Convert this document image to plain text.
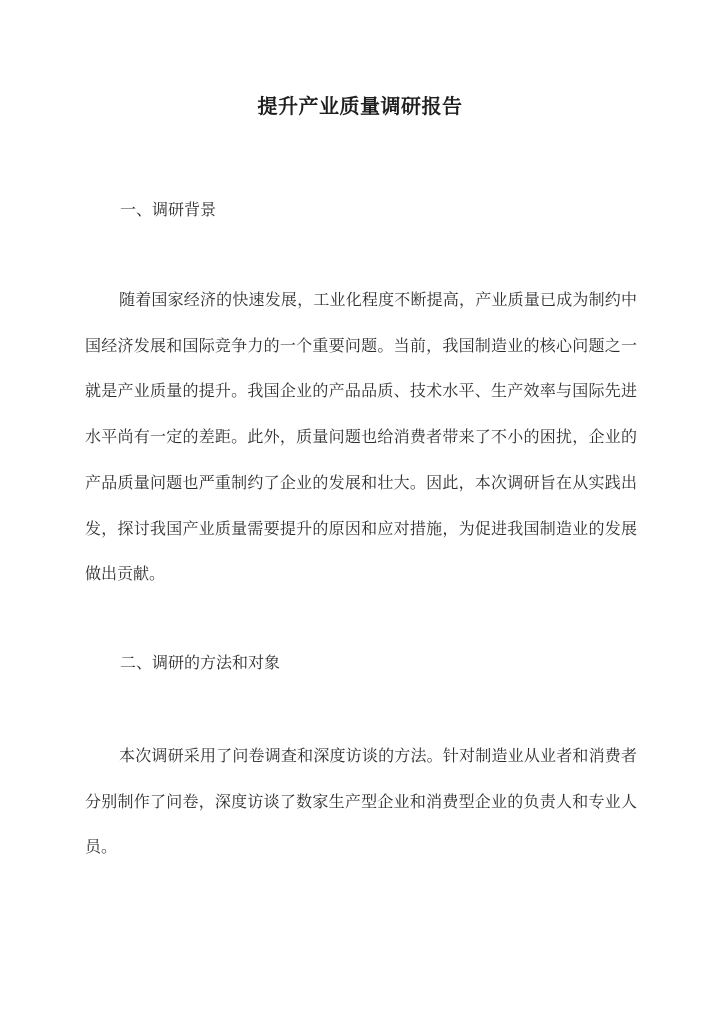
提升产业质量调研报告
一、调研背景

随着国家经济的快速发展，工业化程度不断提高，产业质量已成为制约中国经济发展和国际竞争力的一个重要问题。当前，我国制造业的核心问题之一就是产业质量的提升。我国企业的产品品质、技术水平、生产效率与国际先进水平尚有一定的差距。此外，质量问题也给消费者带来了不小的困扰，企业的产品质量问题也严重制约了企业的发展和壮大。因此，本次调研旨在从实践出发，探讨我国产业质量需要提升的原因和应对措施，为促进我国制造业的发展做出贡献。

二、调研的方法和对象

本次调研采用了问卷调查和深度访谈的方法。针对制造业从业者和消费者分别制作了问卷，深度访谈了数家生产型企业和消费型企业的负责人和专业人员。
